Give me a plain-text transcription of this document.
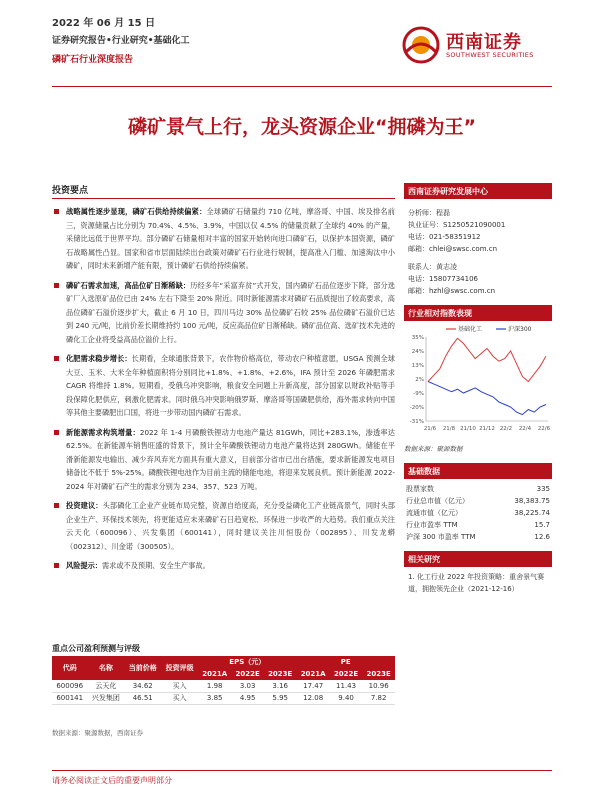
2022 年 06 月 15 日
证券研究报告•行业研究•基础化工
磷矿石行业深度报告
西南证券
SOUTHWEST SECURITIES
磷矿景气上行，龙头资源企业“拥磷为王”
投资要点
战略属性逐步显现，磷矿石供给持续偏紧：全球磷矿石储量约 710 亿吨，摩洛哥、中国、埃及排名前三，资源储量占比分别为 70.4%、4.5%、3.9%，中国以仅 4.5% 的储量贡献了全球约 40% 的产量，采储比远低于世界平均。部分磷矿石储量相对丰富的国家开始转向进口磷矿石，以保护本国资源，磷矿石战略属性凸显。国家和省市层面陆续出台政策对磷矿石行业进行规制，提高准入门槛、加速淘汰中小磷矿，同时未来新增产能有限，预计磷矿石供给持续偏紧。
磷矿石需求加速，高品位矿日渐稀缺：历经多年“采富弃贫”式开发，国内磷矿石品位逐步下降，部分选矿厂入选原矿品位已由 24% 左右下降至 20% 附近。同时新能源需求对磷矿石品质提出了较高要求，高品位磷矿石溢价逐步扩大，截止 6 月 10 日，四川马边 30% 品位磷矿石较 25% 品位磷矿石溢价已达到 240 元/吨，比前价差长期维持约 100 元/吨，反应高品位矿日渐稀缺。磷矿品位高、选矿技术先进的磷化工企业将受益高品位溢价上行。
化肥需求稳步增长：长期看，全球通胀背景下，农作物价格高位，带动农户种植意愿，USGA 预测全球大豆、玉米、大米全年种植面积将分别同比+1.8%、+1.8%、+2.6%，IFA 预计至 2026 年磷肥需求 CAGR 将维持 1.8%。短期看，受俄乌冲突影响，粮食安全问题上升新高度，部分国家以财政补贴等手段保障化肥供应，刺激化肥需求。同时俄乌冲突影响俄罗斯、摩洛哥等国磷肥供给，海外需求转向中国等其他主要磷肥出口国，将进一步带动国内磷矿石需求。
新能源需求构筑增量：2022 年 1-4 月磷酸铁锂动力电池产量达 81GWh，同比+283.1%，渗透率达 62.5%。在新能源车销售旺盛的背景下，预计全年磷酸铁锂动力电池产量将达到 280GWh。储能在平滑新能源发电输出、减少弃风弃光方面具有重大意义，目前部分省市已出台措施，要求新能源发电项目储备比不低于 5%-25%。磷酸铁锂电池作为目前主流的储能电池，将迎来发展良机。预计新能源 2022-2024 年对磷矿石产生的需求分别为 234、357、523 万吨。
投资建议：头部磷化工企业产业链布局完整，资源自给度高，充分受益磷化工产业链高景气，同时头部企业生产、环保技术领先，将更能适应未来磷矿石日趋宽松、环保进一步收严的大趋势。我们重点关注云天化（600096）、兴发集团（600141），同时建议关注川恒股份（002895）、川发龙蟒（002312）、川金诺（300505）。
风险提示：需求或不及预期、安全生产事故。
西南证券研究发展中心
分析师：程磊
执业证号：S1250521090001
电话：021-58351912
邮箱：chlei@swsc.com.cn
联系人：黄志凌
电话：15807734106
邮箱：hzhl@swsc.com.cn
行业相对指数表现
35%
24%
13%
2%
-9%
-20%
-31%
21/6 21/8 21/10 21/12 22/2 22/4 22/6
基础化工	沪深300
数据来源：聚源数据
基础数据
股票家数	335
行业总市值（亿元）	38,383.75
流通市值（亿元）	38,225.74
行业市盈率 TTM	15.7
沪深 300 市盈率 TTM	12.6
相关研究
1. 化工行业 2022 年投资策略：重舍景气赛道，拥抱领先企业（2021-12-16）
重点公司盈利预测与评级
代码	名称	当前价格	投资评级	EPS（元）			PE		
				2021A	2022E	2023E	2021A	2022E	2023E
600096	云天化	34.62	买入	1.98	3.03	3.16	17.47	11.43	10.96
600141	兴发集团	46.51	买入	3.85	4.95	5.95	12.08	9.40	7.82
数据来源：聚源数据，西南证券
请务必阅读正文后的重要声明部分
